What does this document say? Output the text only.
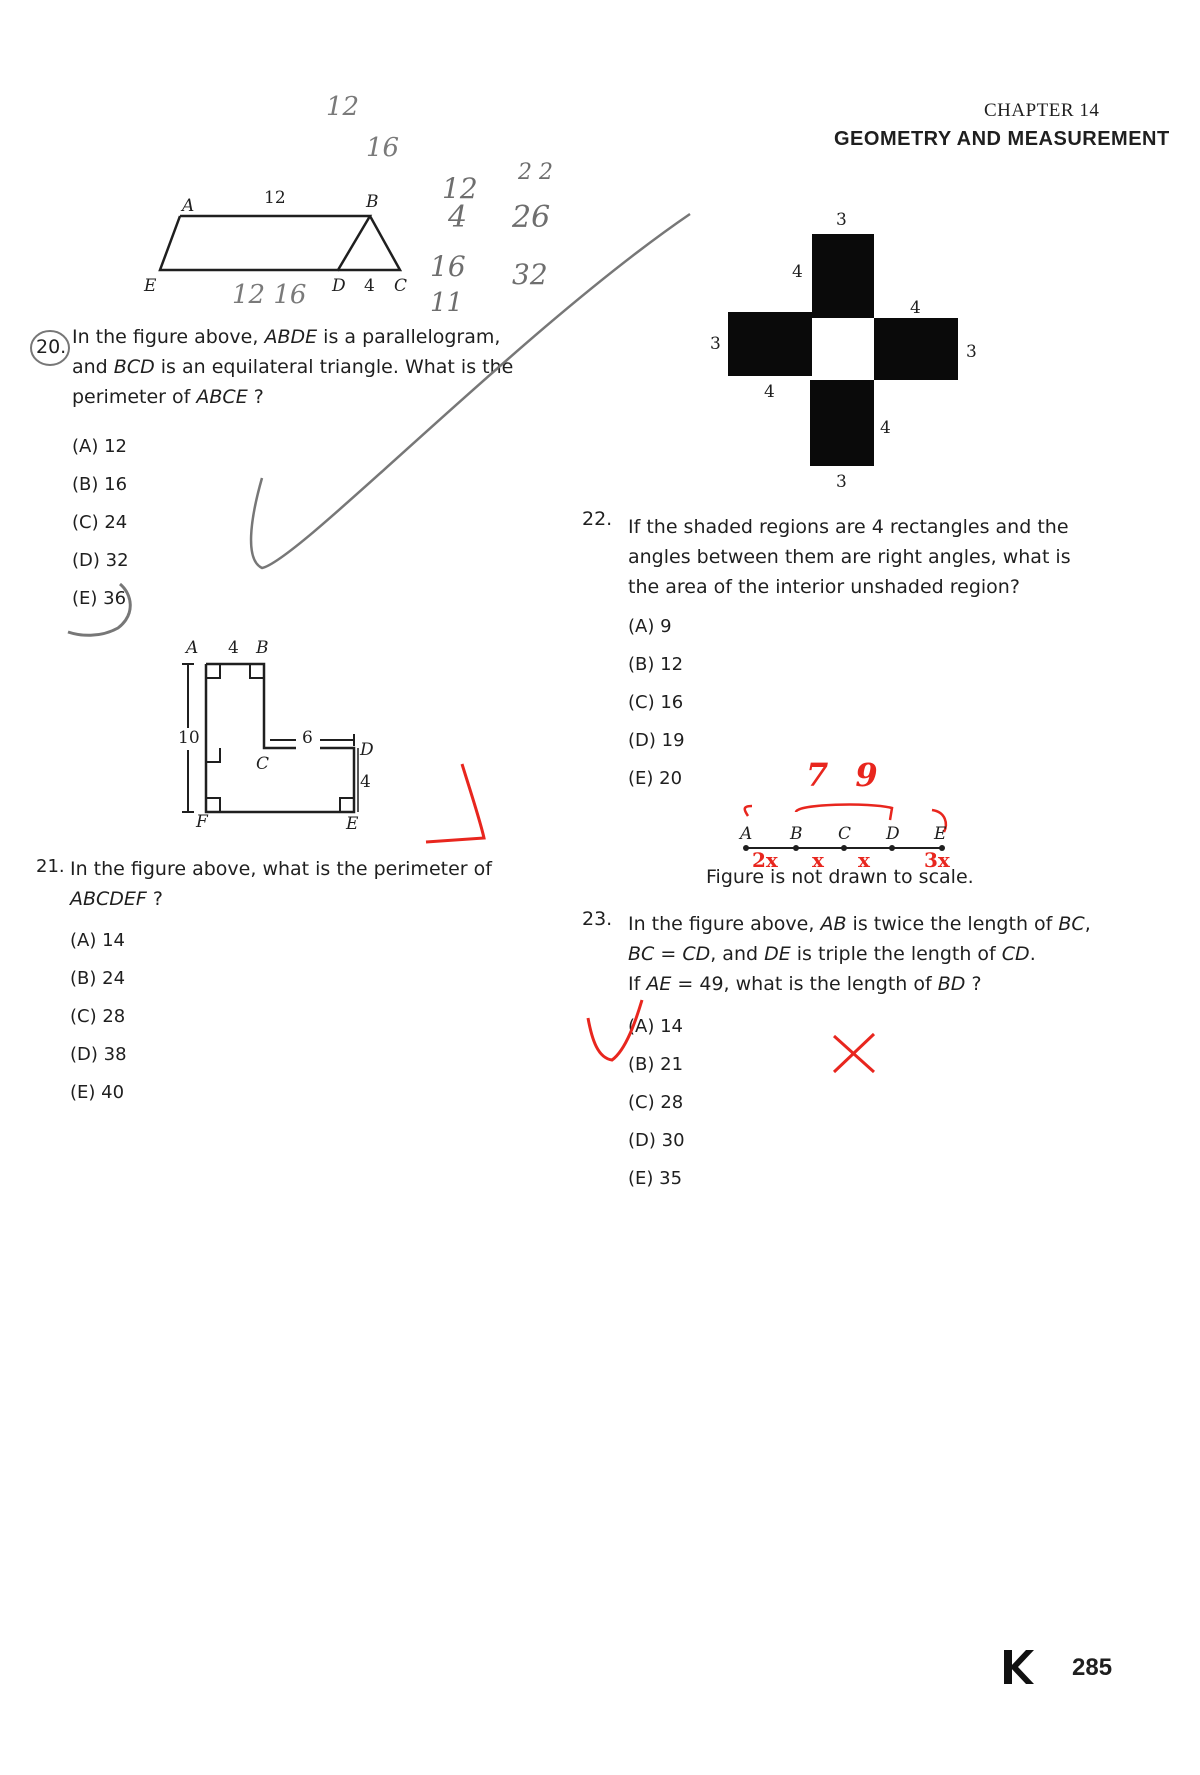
CHAPTER 14
GEOMETRY AND MEASUREMENT
12
16
12
4
16
11
2 2
26
32
12 16
A	B
C
D
E
12
4
20. In the figure above, ABDE is a parallelogram, and BCD is an equilateral triangle. What is the perimeter of ABCE ?
(A) 12
(B) 16
(C) 24
(D) 32
(E) 36
A 4 B
10	6
C
D
4
F	E
21. In the figure above, what is the perimeter of ABCDEF ?
(A) 14
(B) 24
(C) 28
(D) 38
(E) 40
3
4
4
3	3
4
4
3
22. If the shaded regions are 4 rectangles and the angles between them are right angles, what is the area of the interior unshaded region?
(A) 9
(B) 12
(C) 16
(D) 19
(E) 20
A B C D E
7 9
2x x x	3x
Figure is not drawn to scale.
23. In the figure above, AB is twice the length of BC,
BC = CD, and DE is triple the length of CD.
If AE = 49, what is the length of BD ?
(A) 14
(B) 21
(C) 28
(D) 30
(E) 35
285
